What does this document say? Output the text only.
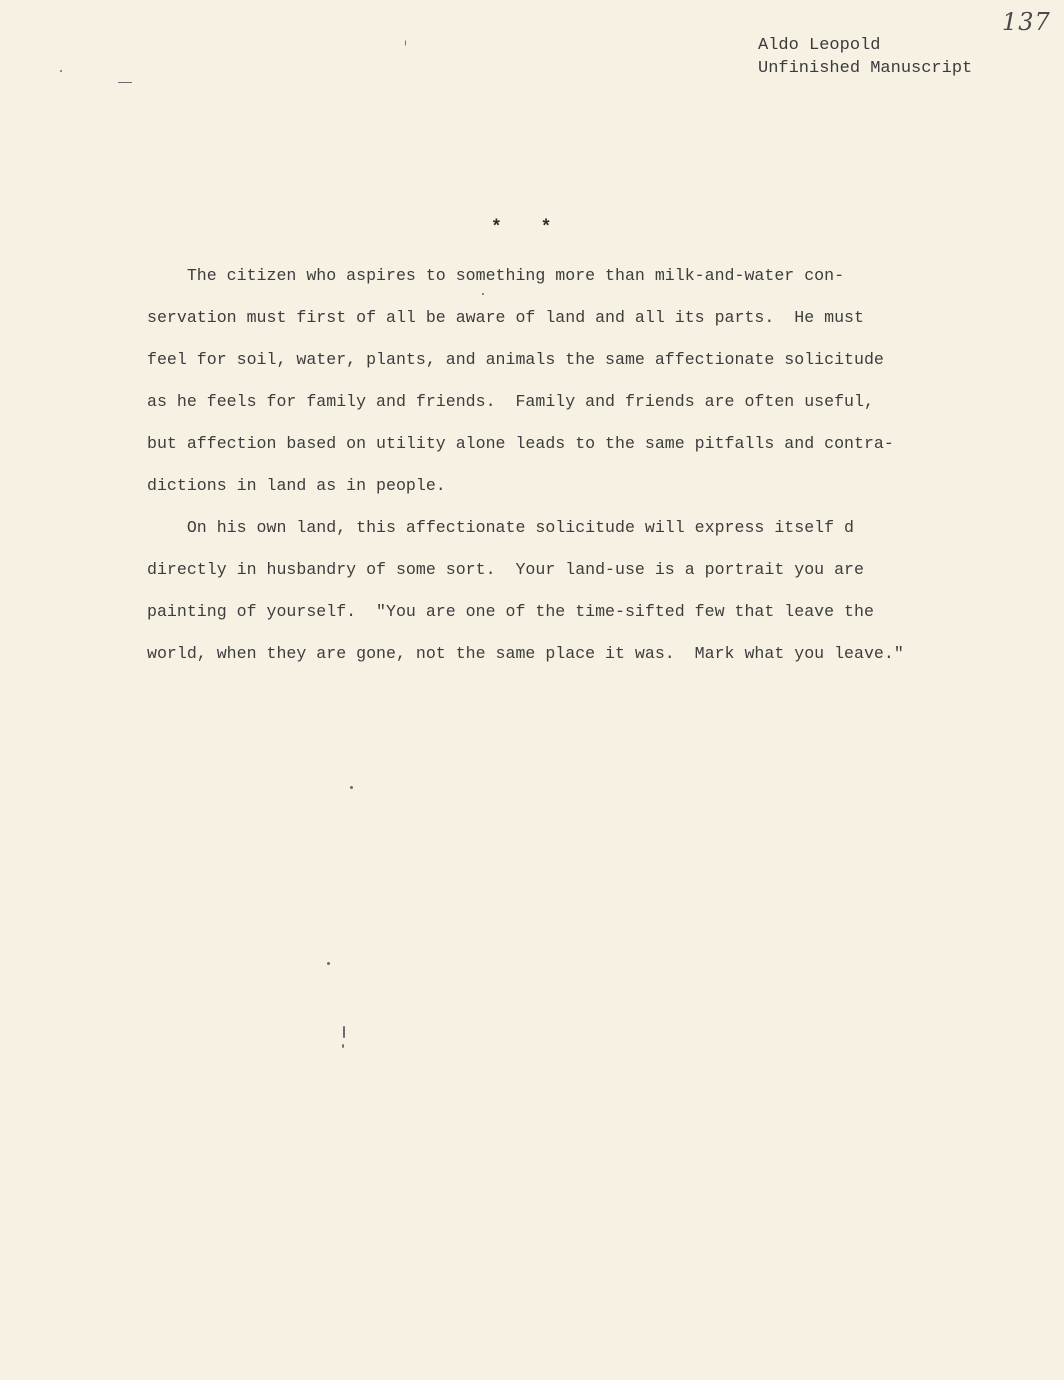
137
Aldo Leopold
Unfinished Manuscript
* *
The citizen who aspires to something more than milk-and-water con-
servation must first of all be aware of land and all its parts.  He must
feel for soil, water, plants, and animals the same affectionate solicitude
as he feels for family and friends.  Family and friends are often useful,
but affection based on utility alone leads to the same pitfalls and contra-
dictions in land as in people.
On his own land, this affectionate solicitude will express itself d
directly in husbandry of some sort.  Your land-use is a portrait you are
painting of yourself.  "You are one of the time-sifted few that leave the
world, when they are gone, not the same place it was.  Mark what you leave."
